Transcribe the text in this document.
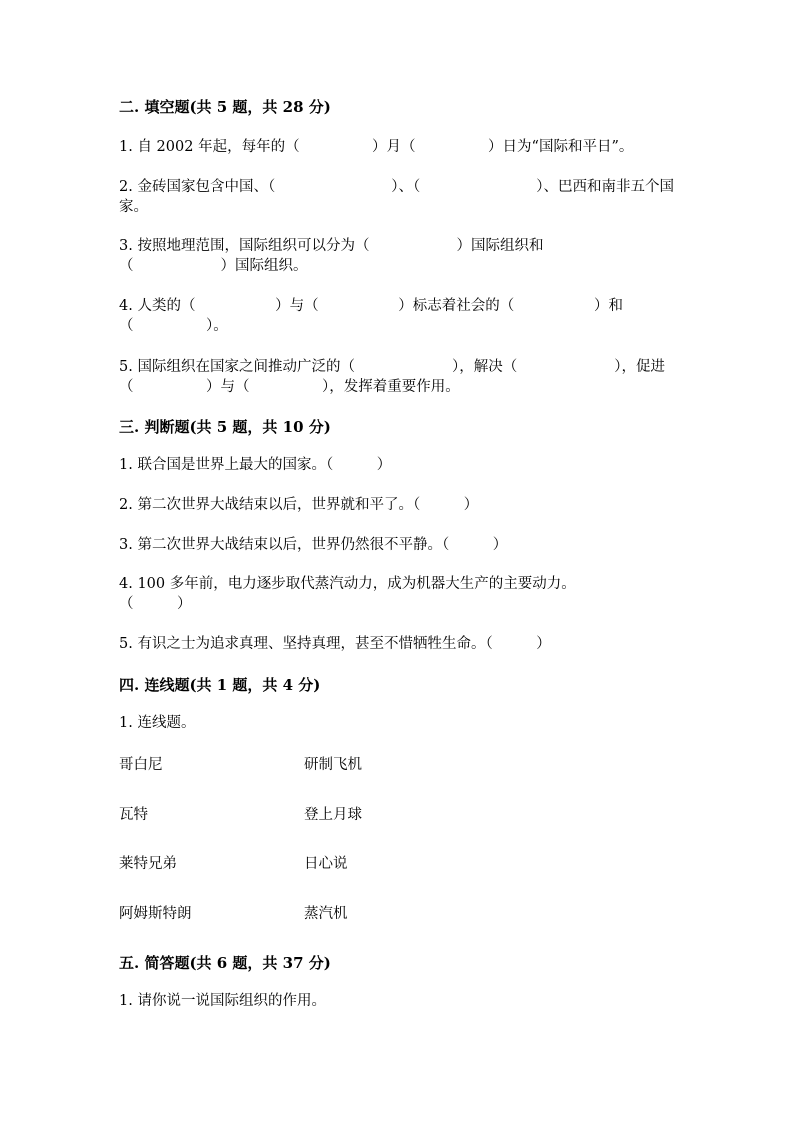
二. 填空题(共 5 题，共 28 分)
1. 自 2002 年起，每年的（　　　　　）月（　　　　　）日为“国际和平日”。
2. 金砖国家包含中国、（	）、（	）、巴西和南非五个国
家。
3. 按照地理范围，国际组织可以分为（　　　　　　）国际组织和
（　　　　　　）国际组织。
4. 人类的（	）与（	）标志着社会的（	）和
（　　　　　）。
5. 国际组织在国家之间推动广泛的（	），解决（	），促进
（　　　　　）与（　　　　　），发挥着重要作用。
三. 判断题(共 5 题，共 10 分)
1. 联合国是世界上最大的国家。（　　　）
2. 第二次世界大战结束以后，世界就和平了。（　　　）
3. 第二次世界大战结束以后，世界仍然很不平静。（　　　）
4. 100 多年前，电力逐步取代蒸汽动力，成为机器大生产的主要动力。
（　　　）
5. 有识之士为追求真理、坚持真理，甚至不惜牺牲生命。（　　　）
四. 连线题(共 1 题，共 4 分)
1. 连线题。
哥白尼	研制飞机
瓦特	登上月球
莱特兄弟	日心说
阿姆斯特朗	蒸汽机
五. 简答题(共 6 题，共 37 分)
1. 请你说一说国际组织的作用。
